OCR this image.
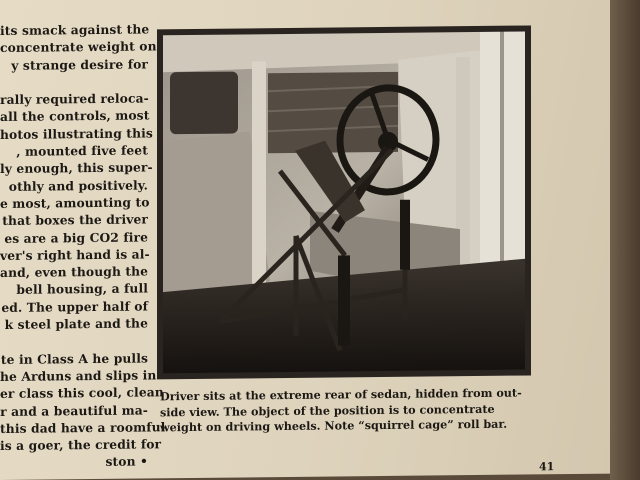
its smack against the
concentrate weight on
y strange desire for

rally required reloca-
all the controls, most
hotos illustrating this
, mounted five feet
ly enough, this super-
othly and positively.
e most, amounting to
that boxes the driver
es are a big CO2 fire
ver's right hand is al-
and, even though the
bell housing, a full
ed. The upper half of
k steel plate and the

te in Class A he pulls
he Arduns and slips in
er class this cool, clean
r and a beautiful ma-
this dad have a roomful
is a goer, the credit for
ston •
Driver sits at the extreme rear of sedan, hidden from out-
side view. The object of the position is to concentrate
weight on driving wheels. Note “squirrel cage” roll bar.
41
